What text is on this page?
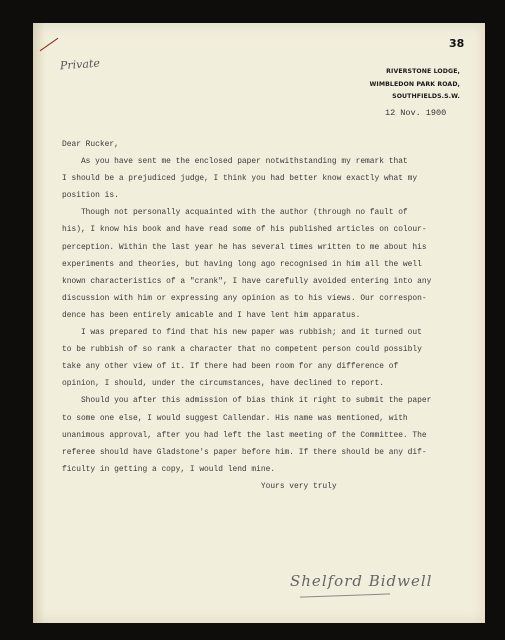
38
Private	RIVERSTONE LODGE,
WIMBLEDON PARK ROAD,
SOUTHFIELDS.S.W.
12 Nov. 1900
Dear Rucker,
As you have sent me the enclosed paper notwithstanding my remark that
I should be a prejudiced judge, I think you had better know exactly what my
position is.
Though not personally acquainted with the author (through no fault of
his), I know his book and have read some of his published articles on colour-
perception. Within the last year he has several times written to me about his
experiments and theories, but having long ago recognised in him all the well
known characteristics of a "crank", I have carefully avoided entering into any
discussion with him or expressing any opinion as to his views. Our correspon-
dence has been entirely amicable and I have lent him apparatus.
I was prepared to find that his new paper was rubbish; and it turned out
to be rubbish of so rank a character that no competent person could possibly
take any other view of it. If there had been room for any difference of
opinion, I should, under the circumstances, have declined to report.
Should you after this admission of bias think it right to submit the paper
to some one else, I would suggest Callendar. His name was mentioned, with
unanimous approval, after you had left the last meeting of the Committee. The
referee should have Gladstone's paper before him. If there should be any dif-
ficulty in getting a copy, I would lend mine.
Yours very truly
Shelford Bidwell
